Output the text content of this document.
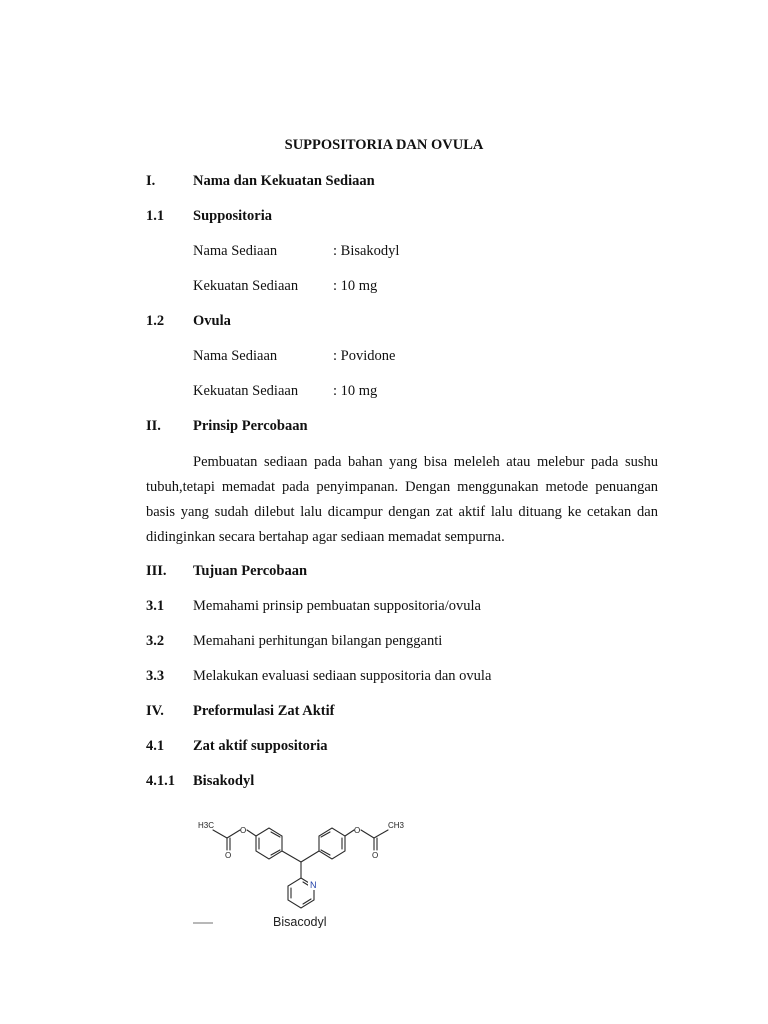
SUPPOSITORIA DAN OVULA
I.	Nama dan Kekuatan Sediaan
1.1 Suppositoria
Nama Sediaan	: Bisakodyl
Kekuatan Sediaan : 10 mg
1.2 Ovula
Nama Sediaan	: Povidone
Kekuatan Sediaan : 10 mg
II. Prinsip Percobaan

Pembuatan sediaan pada bahan yang bisa meleleh atau melebur pada sushu tubuh,tetapi memadat pada penyimpanan. Dengan menggunakan metode penuangan basis yang sudah dilebut lalu dicampur dengan zat aktif lalu dituang ke cetakan dan didinginkan secara bertahap agar sediaan memadat sempurna.

III. Tujuan Percobaan
3.1 Memahami prinsip pembuatan suppositoria/ovula
3.2 Memahani perhitungan bilangan pengganti
3.3 Melakukan evaluasi sediaan suppositoria dan ovula
IV. Preformulasi Zat Aktif
4.1 Zat aktif suppositoria
4.1.1 Bisakodyl
H3C
O
O
O
O
CH3
N
Bisacodyl
